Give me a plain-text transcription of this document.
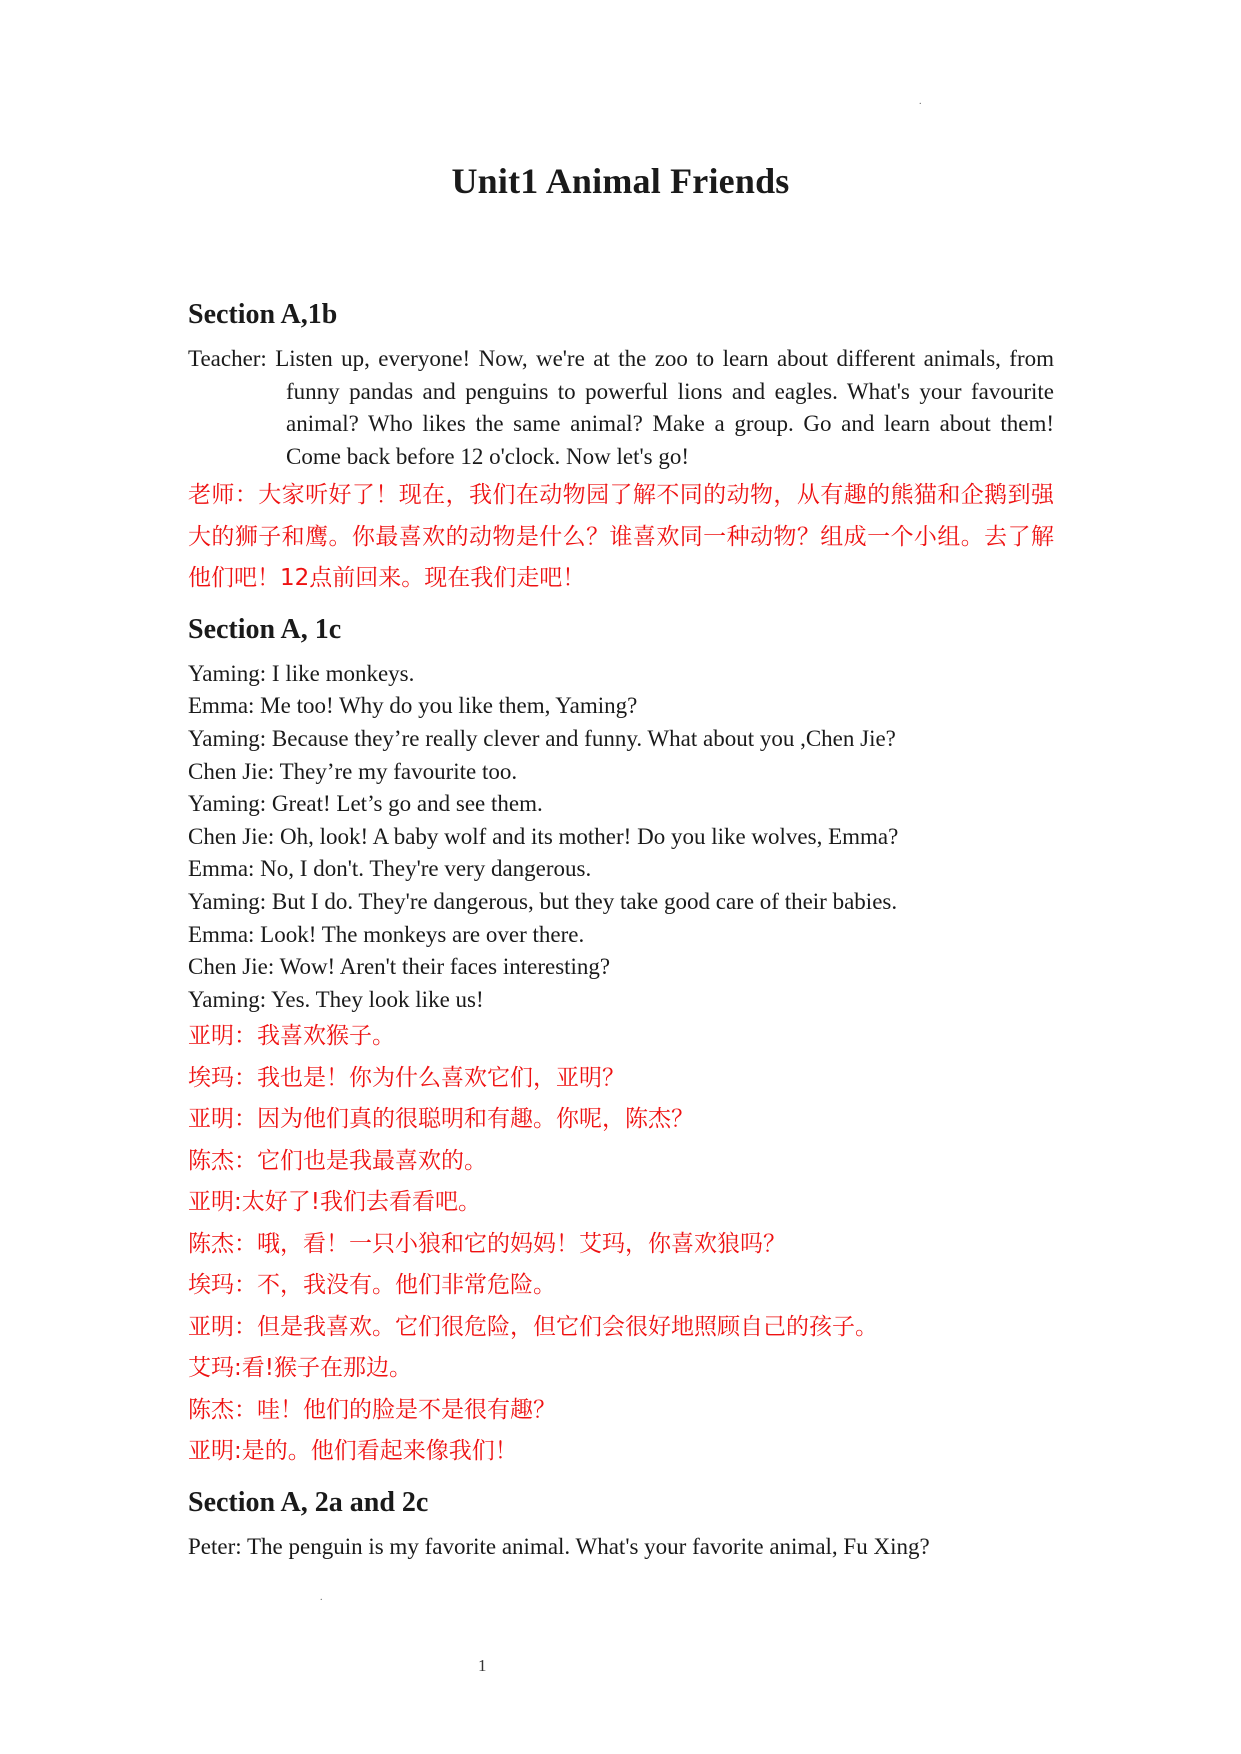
.
.
Unit1 Animal Friends

Section A,1b

Teacher: Listen up, everyone! Now, we're at the zoo to learn about different animals, from funny pandas and penguins to powerful lions and eagles. What's your favourite animal? Who likes the same animal? Make a group. Go and learn about them! Come back before 12 o'clock. Now let's go!

老师：大家听好了！现在，我们在动物园了解不同的动物，从有趣的熊猫和企鹅到强大的狮子和鹰。你最喜欢的动物是什么？谁喜欢同一种动物？组成一个小组。去了解他们吧！12点前回来。现在我们走吧！

Section A, 1c

Yaming: I like monkeys.

Emma: Me too! Why do you like them, Yaming?

Yaming: Because they’re really clever and funny. What about you ,Chen Jie?

Chen Jie: They’re my favourite too.

Yaming: Great! Let’s go and see them.

Chen Jie: Oh, look! A baby wolf and its mother! Do you like wolves, Emma?

Emma: No, I don't. They're very dangerous.

Yaming: But I do. They're dangerous, but they take good care of their babies.

Emma: Look! The monkeys are over there.

Chen Jie: Wow! Aren't their faces interesting?

Yaming: Yes. They look like us!

亚明：我喜欢猴子。

埃玛：我也是！你为什么喜欢它们，亚明？

亚明：因为他们真的很聪明和有趣。你呢，陈杰？

陈杰：它们也是我最喜欢的。

亚明:太好了!我们去看看吧。

陈杰：哦，看！一只小狼和它的妈妈！艾玛，你喜欢狼吗？

埃玛：不，我没有。他们非常危险。

亚明：但是我喜欢。它们很危险，但它们会很好地照顾自己的孩子。

艾玛:看!猴子在那边。

陈杰：哇！他们的脸是不是很有趣？

亚明:是的。他们看起来像我们！

Section A, 2a and 2c

Peter: The penguin is my favorite animal. What's your favorite animal, Fu Xing?

1
